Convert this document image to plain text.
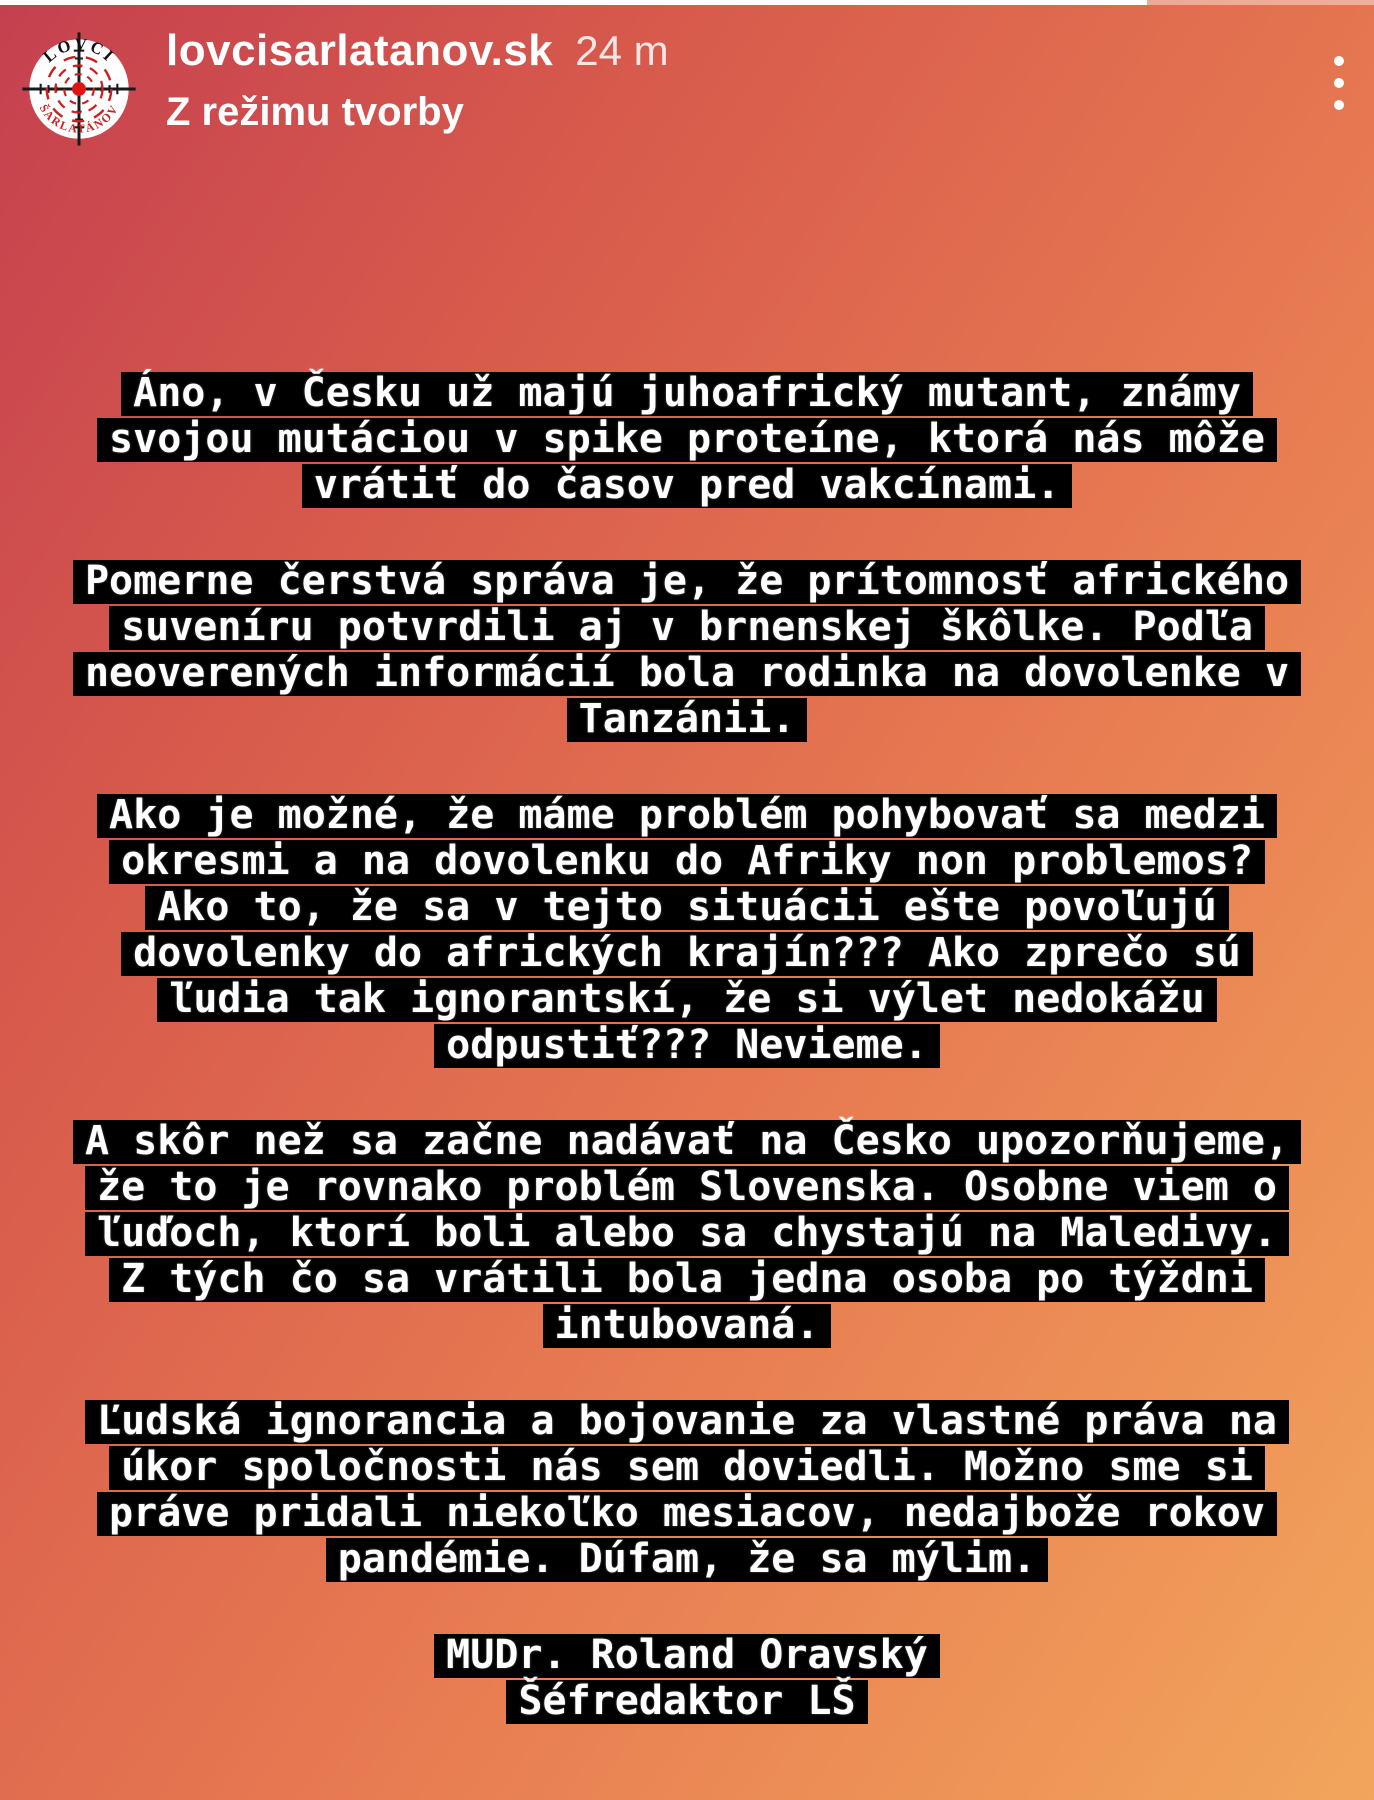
LOVCI
ŠARLATÁNOV
lovcisarlatanov.sk 24 m
Z režimu tvorby
Áno, v Česku už majú juhoafrický mutant, známy
svojou mutáciou v spike proteíne, ktorá nás môže
vrátiť do časov pred vakcínami.
Pomerne čerstvá správa je, že prítomnosť afrického
suveníru potvrdili aj v brnenskej škôlke. Podľa
neoverených informácií bola rodinka na dovolenke v
Tanzánii.
Ako je možné, že máme problém pohybovať sa medzi
okresmi a na dovolenku do Afriky non problemos?
Ako to, že sa v tejto situácii ešte povoľujú
dovolenky do afrických krajín??? Ako zprečo sú
ľudia tak ignorantskí, že si výlet nedokážu
odpustiť??? Nevieme.
A skôr než sa začne nadávať na Česko upozorňujeme,
že to je rovnako problém Slovenska. Osobne viem o
ľuďoch, ktorí boli alebo sa chystajú na Maledivy.
Z tých čo sa vrátili bola jedna osoba po týždni
intubovaná.
Ľudská ignorancia a bojovanie za vlastné práva na
úkor spoločnosti nás sem doviedli. Možno sme si
práve pridali niekoľko mesiacov, nedajbože rokov
pandémie. Dúfam, že sa mýlim.
MUDr. Roland Oravský
Šéfredaktor LŠ
